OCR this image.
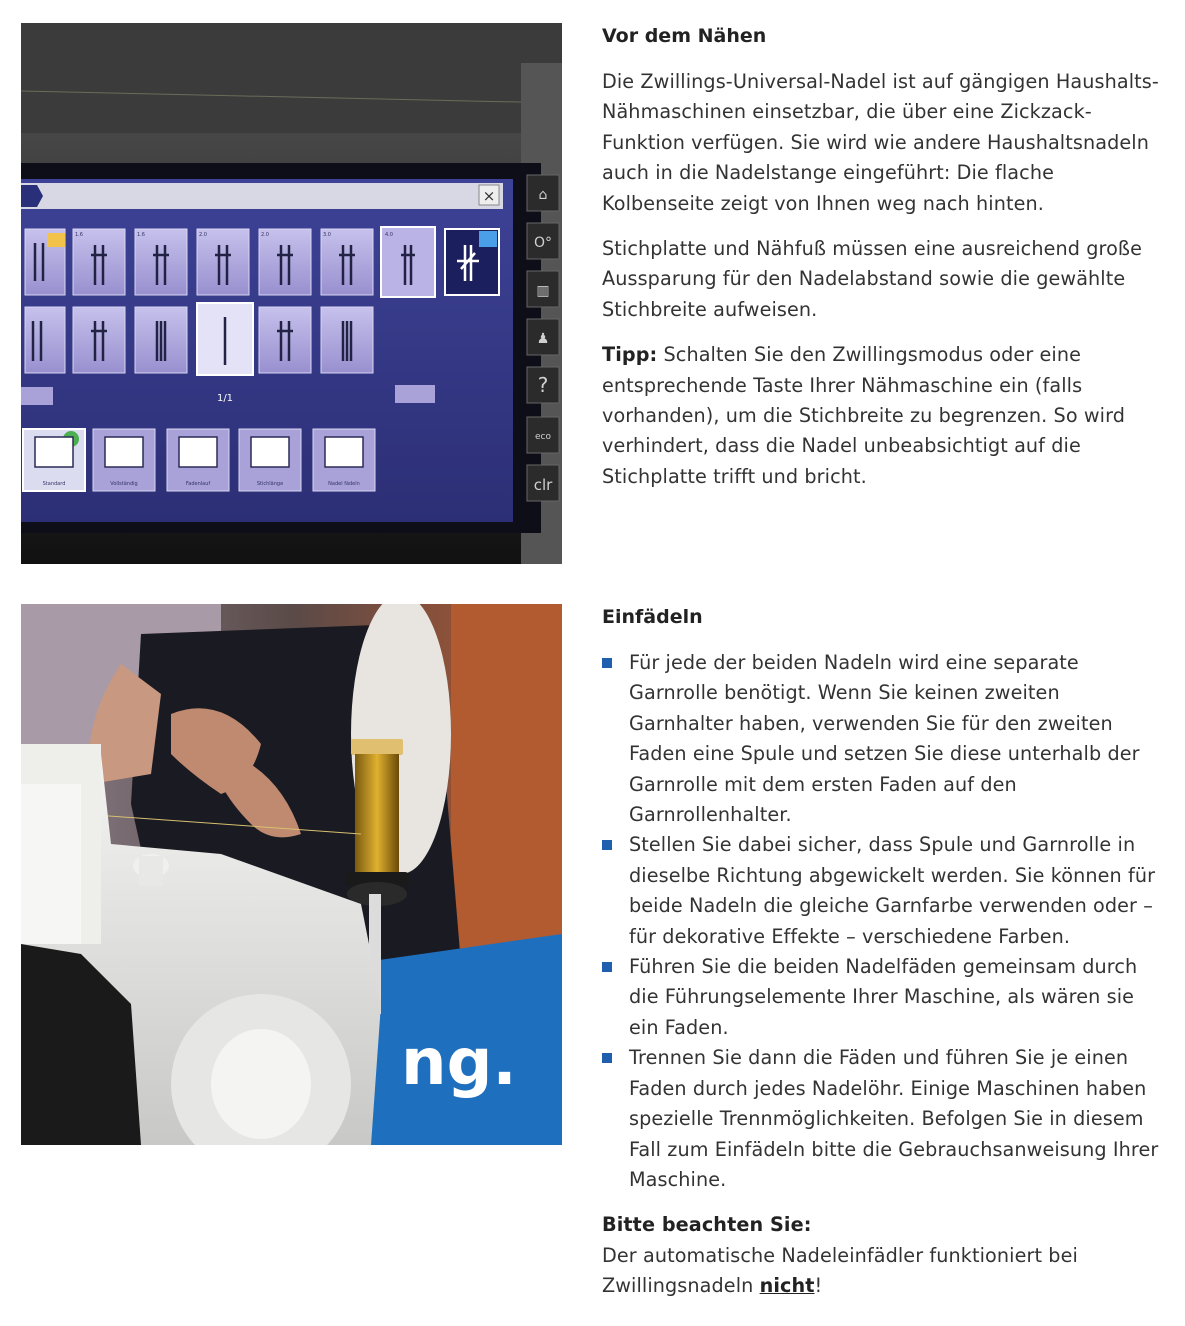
×
1.6	1.6	2.0	2.0	3.0	4.0
1/1
Standard	Vollständig	Fadenlauf	Stichlänge	Nadel fädeln
⌂
O°
▥
♟
?
eco
clr
Vor dem Nähen

Die Zwillings-Universal-Nadel ist auf gängigen Haushalts-Nähmaschinen einsetzbar, die über eine Zickzack-Funktion verfügen. Sie wird wie andere Haushaltsnadeln auch in die Nadelstange eingeführt: Die flache Kolbenseite zeigt von Ihnen weg nach hinten.

Stichplatte und Nähfuß müssen eine ausreichend große Aussparung für den Nadelabstand sowie die gewählte Stichbreite aufweisen.

Tipp: Schalten Sie den Zwillingsmodus oder eine entsprechende Taste Ihrer Nähmaschine ein (falls vorhanden), um die Stichbreite zu begrenzen. So wird verhindert, dass die Nadel unbeabsichtigt auf die Stichplatte trifft und bricht.

ng.
Einfädeln
Für jede der beiden Nadeln wird eine separate Garnrolle benötigt. Wenn Sie keinen zweiten Garnhalter haben, verwenden Sie für den zweiten Faden eine Spule und setzen Sie diese unterhalb der Garnrolle mit dem ersten Faden auf den Garnrollenhalter.
Stellen Sie dabei sicher, dass Spule und Garnrolle in dieselbe Richtung abgewickelt werden. Sie können für beide Nadeln die gleiche Garnfarbe verwenden oder – für dekorative Effekte – verschiedene Farben.
Führen Sie die beiden Nadelfäden gemeinsam durch die Führungselemente Ihrer Maschine, als wären sie ein Faden.
Trennen Sie dann die Fäden und führen Sie je einen Faden durch jedes Nadelöhr. Einige Maschinen haben spezielle Trennmöglichkeiten. Befolgen Sie in diesem Fall zum Einfädeln bitte die Gebrauchsanweisung Ihrer Maschine.

Bitte beachten Sie:
Der automatische Nadeleinfädler funktioniert bei Zwillingsnadeln nicht!
